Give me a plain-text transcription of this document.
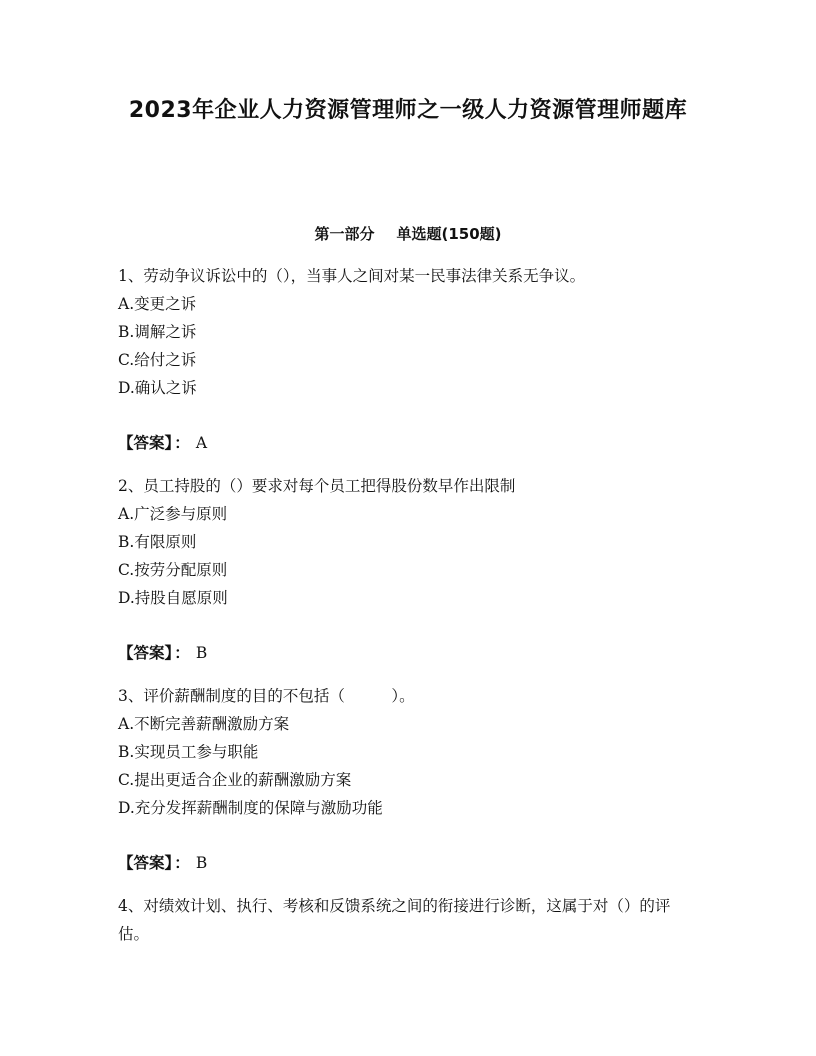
2023年企业人力资源管理师之一级人力资源管理师题库
第一部分 单选题(150题)

1、劳动争议诉讼中的（），当事人之间对某一民事法律关系无争议。

A.变更之诉

B.调解之诉

C.给付之诉

D.确认之诉

【答案】 ： A

2、员工持股的（）要求对每个员工把得股份数早作出限制

A.广泛参与原则

B.有限原则

C.按劳分配原则

D.持股自愿原则

【答案】 ： B

3、评价薪酬制度的目的不包括（　　　）。

A.不断完善薪酬激励方案

B.实现员工参与职能

C.提出更适合企业的薪酬激励方案

D.充分发挥薪酬制度的保障与激励功能

【答案】 ： B

4、对绩效计划、执行、考核和反馈系统之间的衔接进行诊断，这属于对（）的评估。
